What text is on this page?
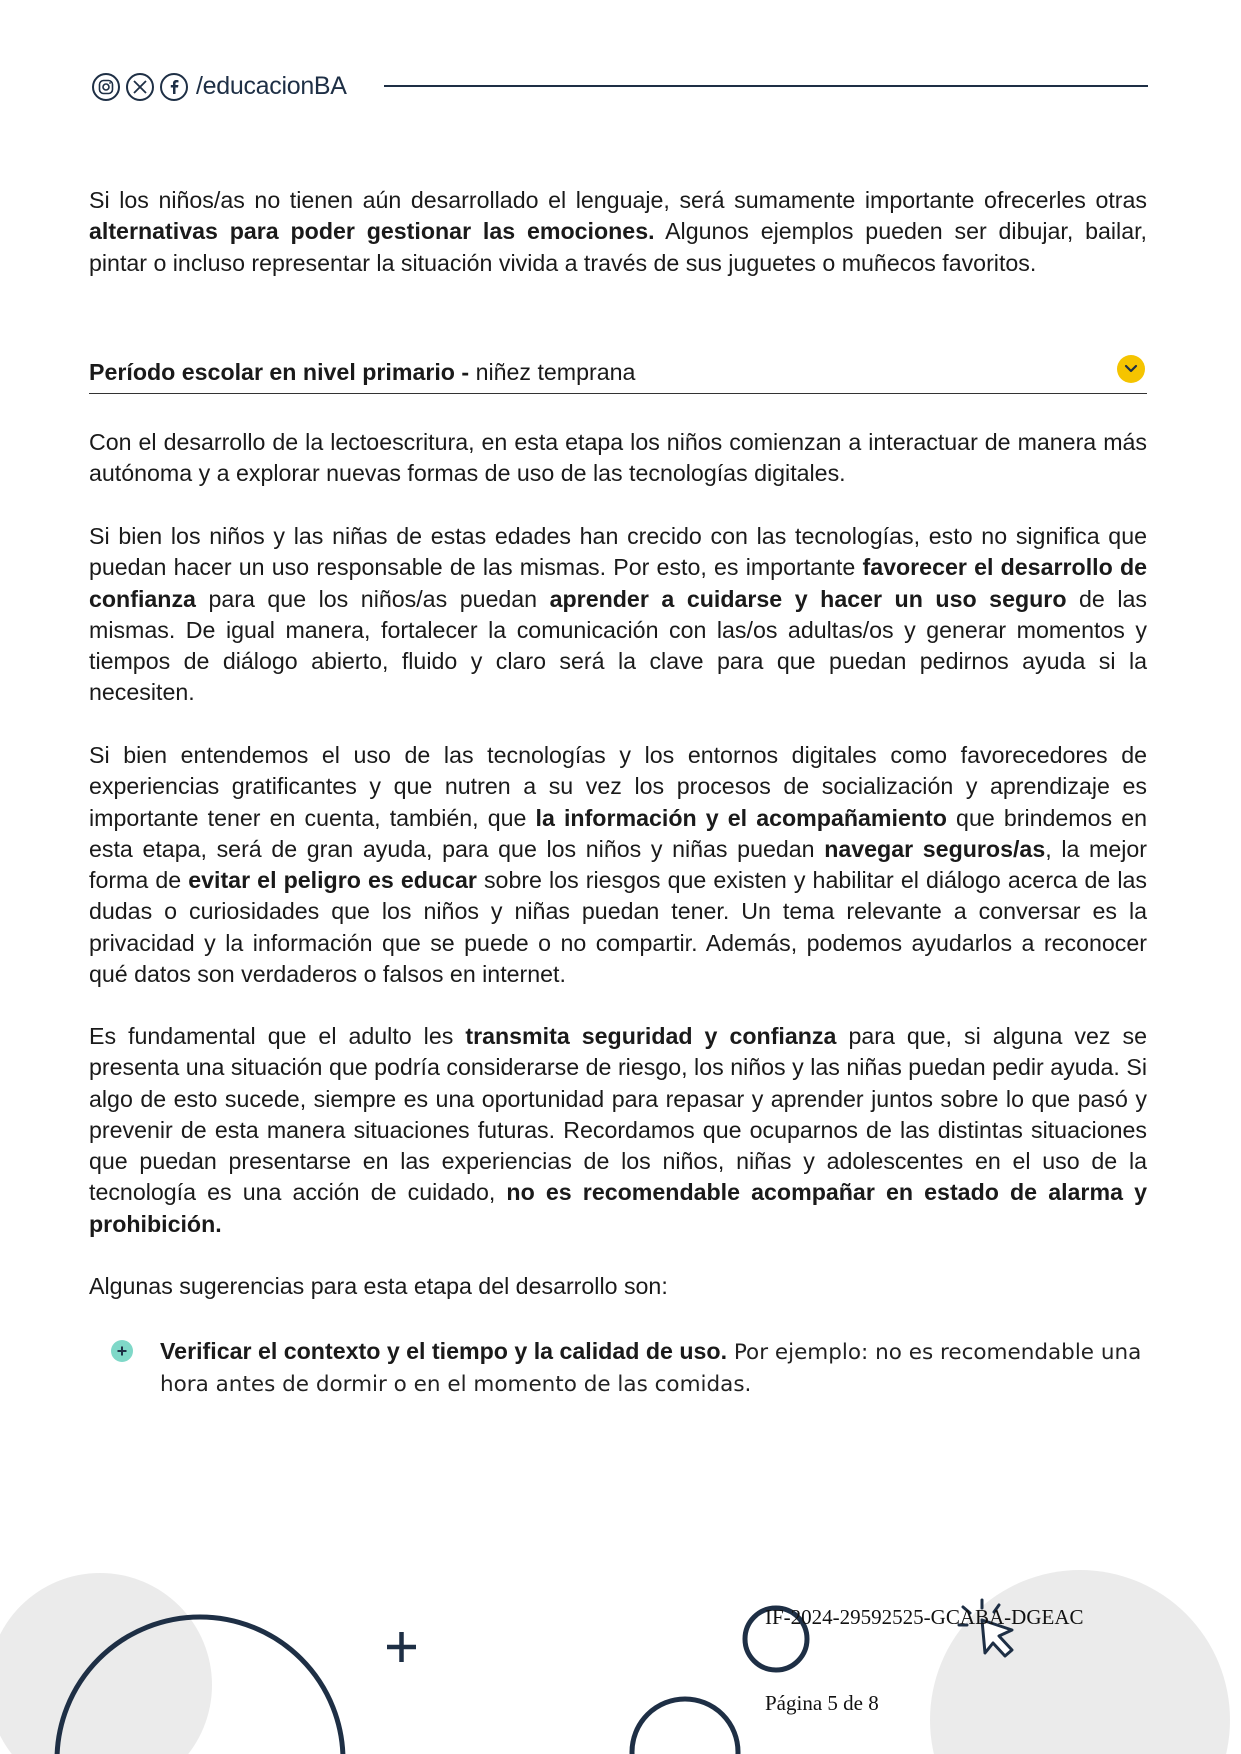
/educacionBA

Si los niños/as no tienen aún desarrollado el lenguaje, será sumamente importante ofrecerles otras alternativas para poder gestionar las emociones. Algunos ejemplos pueden ser dibujar, bailar, pintar o incluso representar la situación vivida a través de sus juguetes o muñecos favoritos.

Período escolar en nivel primario - niñez temprana

Con el desarrollo de la lectoescritura, en esta etapa los niños comienzan a interactuar de manera más autónoma y a explorar nuevas formas de uso de las tecnologías digitales.

Si bien los niños y las niñas de estas edades han crecido con las tecnologías, esto no significa que puedan hacer un uso responsable de las mismas. Por esto, es importante favorecer el desarrollo de confianza para que los niños/as puedan aprender a cuidarse y hacer un uso seguro de las mismas. De igual manera, fortalecer la comunicación con las/os adultas/os y generar momentos y tiempos de diálogo abierto, fluido y claro será la clave para que puedan pedirnos ayuda si la necesiten.

Si bien entendemos el uso de las tecnologías y los entornos digitales como favorecedores de experiencias gratificantes y que nutren a su vez los procesos de socialización y aprendizaje es importante tener en cuenta, también, que la información y el acompañamiento que brindemos en esta etapa, será de gran ayuda, para que los niños y niñas puedan navegar seguros/as, la mejor forma de evitar el peligro es educar sobre los riesgos que existen y habilitar el diálogo acerca de las dudas o curiosidades que los niños y niñas puedan tener. Un tema relevante a conversar es la privacidad y la información que se puede o no compartir. Además, podemos ayudarlos a reconocer qué datos son verdaderos o falsos en internet.

Es fundamental que el adulto les transmita seguridad y confianza para que, si alguna vez se presenta una situación que podría considerarse de riesgo, los niños y las niñas puedan pedir ayuda. Si algo de esto sucede, siempre es una oportunidad para repasar y aprender juntos sobre lo que pasó y prevenir de esta manera situaciones futuras. Recordamos que ocuparnos de las distintas situaciones que puedan presentarse en las experiencias de los niños, niñas y adolescentes en el uso de la tecnología es una acción de cuidado, no es recomendable acompañar en estado de alarma y prohibición.

Algunas sugerencias para esta etapa del desarrollo son:

Verificar el contexto y el tiempo y la calidad de uso. Por ejemplo: no es recomendable una hora antes de dormir o en el momento de las comidas.
IF-2024-29592525-GCABA-DGEAC
Página 5 de 8
